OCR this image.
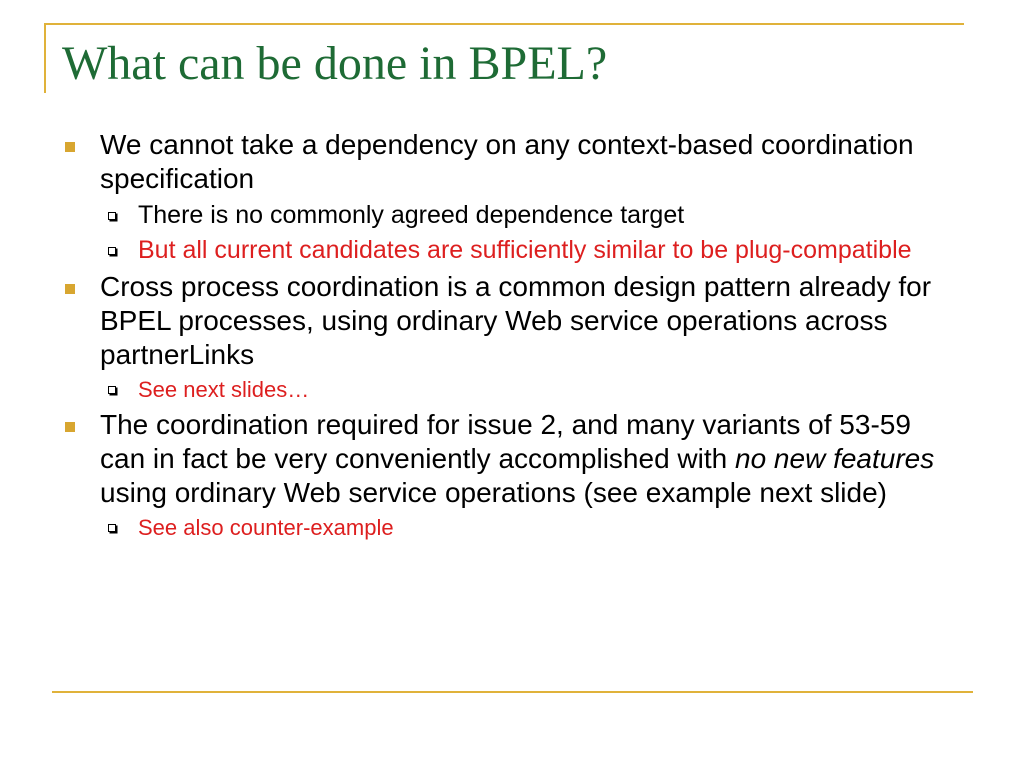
What can be done in BPEL?
We cannot take a dependency on any context-based coordination specification
There is no commonly agreed dependence target
But all current candidates are sufficiently similar to be plug-compatible
Cross process coordination is a common design pattern already for BPEL processes, using ordinary Web service operations across partnerLinks
See next slides…
The coordination required for issue 2, and many variants of 53-59 can in fact be very conveniently accomplished with no new features using ordinary Web service operations (see example next slide)
See also counter-example
